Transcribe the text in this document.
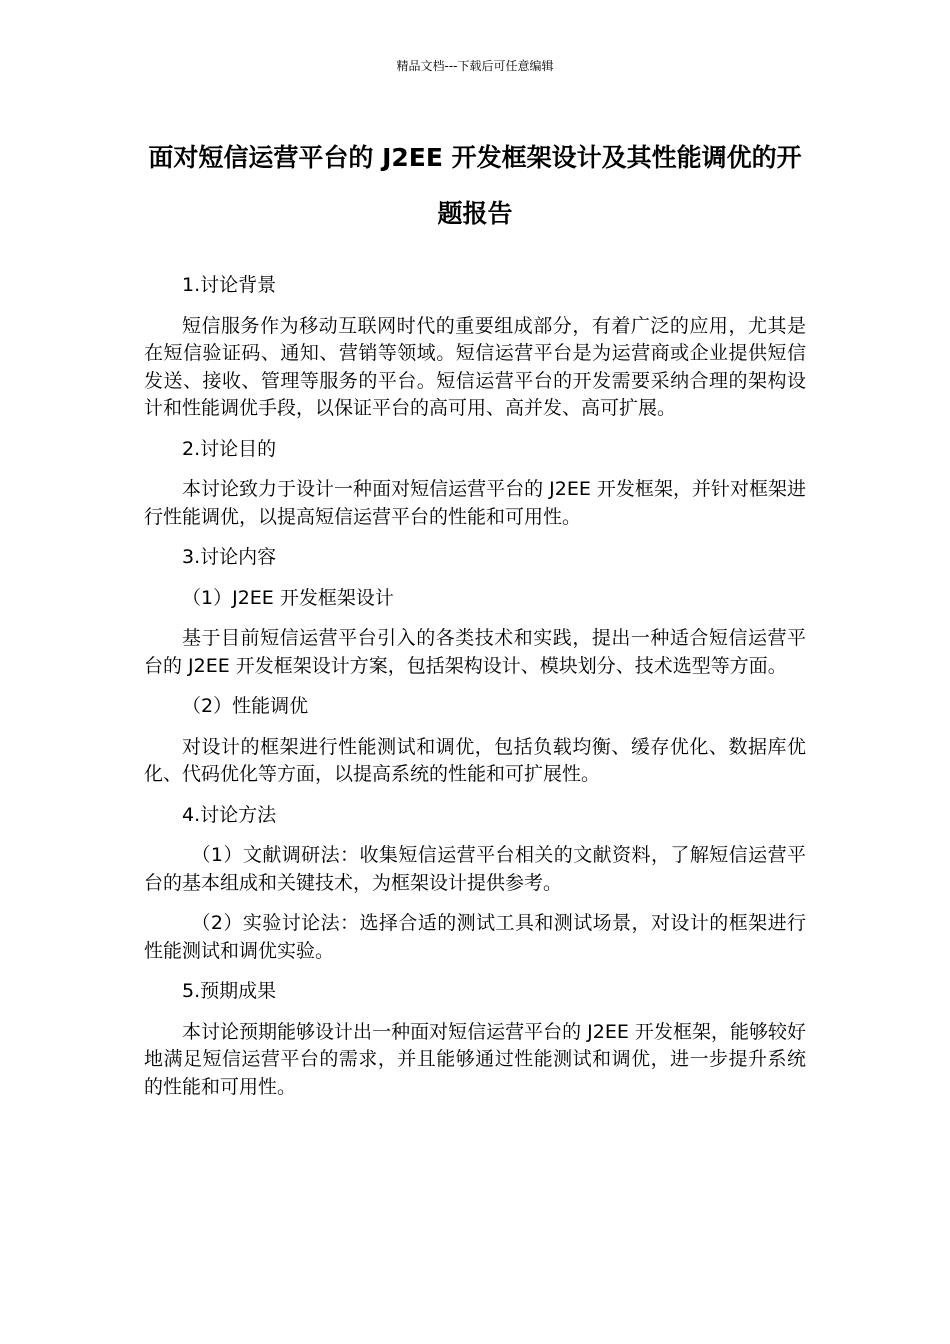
精品文档---下载后可任意编辑
面对短信运营平台的 J2EE 开发框架设计及其性能调优的开题报告

1.讨论背景

短信服务作为移动互联网时代的重要组成部分，有着广泛的应用，尤其是在短信验证码、通知、营销等领域。短信运营平台是为运营商或企业提供短信发送、接收、管理等服务的平台。短信运营平台的开发需要采纳合理的架构设计和性能调优手段，以保证平台的高可用、高并发、高可扩展。

2.讨论目的

本讨论致力于设计一种面对短信运营平台的 J2EE 开发框架，并针对框架进行性能调优，以提高短信运营平台的性能和可用性。

3.讨论内容

（1）J2EE 开发框架设计

基于目前短信运营平台引入的各类技术和实践，提出一种适合短信运营平台的 J2EE 开发框架设计方案，包括架构设计、模块划分、技术选型等方面。

（2）性能调优

对设计的框架进行性能测试和调优，包括负载均衡、缓存优化、数据库优化、代码优化等方面，以提高系统的性能和可扩展性。

4.讨论方法

（1）文献调研法：收集短信运营平台相关的文献资料，了解短信运营平台的基本组成和关键技术，为框架设计提供参考。

（2）实验讨论法：选择合适的测试工具和测试场景，对设计的框架进行性能测试和调优实验。

5.预期成果

本讨论预期能够设计出一种面对短信运营平台的 J2EE 开发框架，能够较好地满足短信运营平台的需求，并且能够通过性能测试和调优，进一步提升系统的性能和可用性。
